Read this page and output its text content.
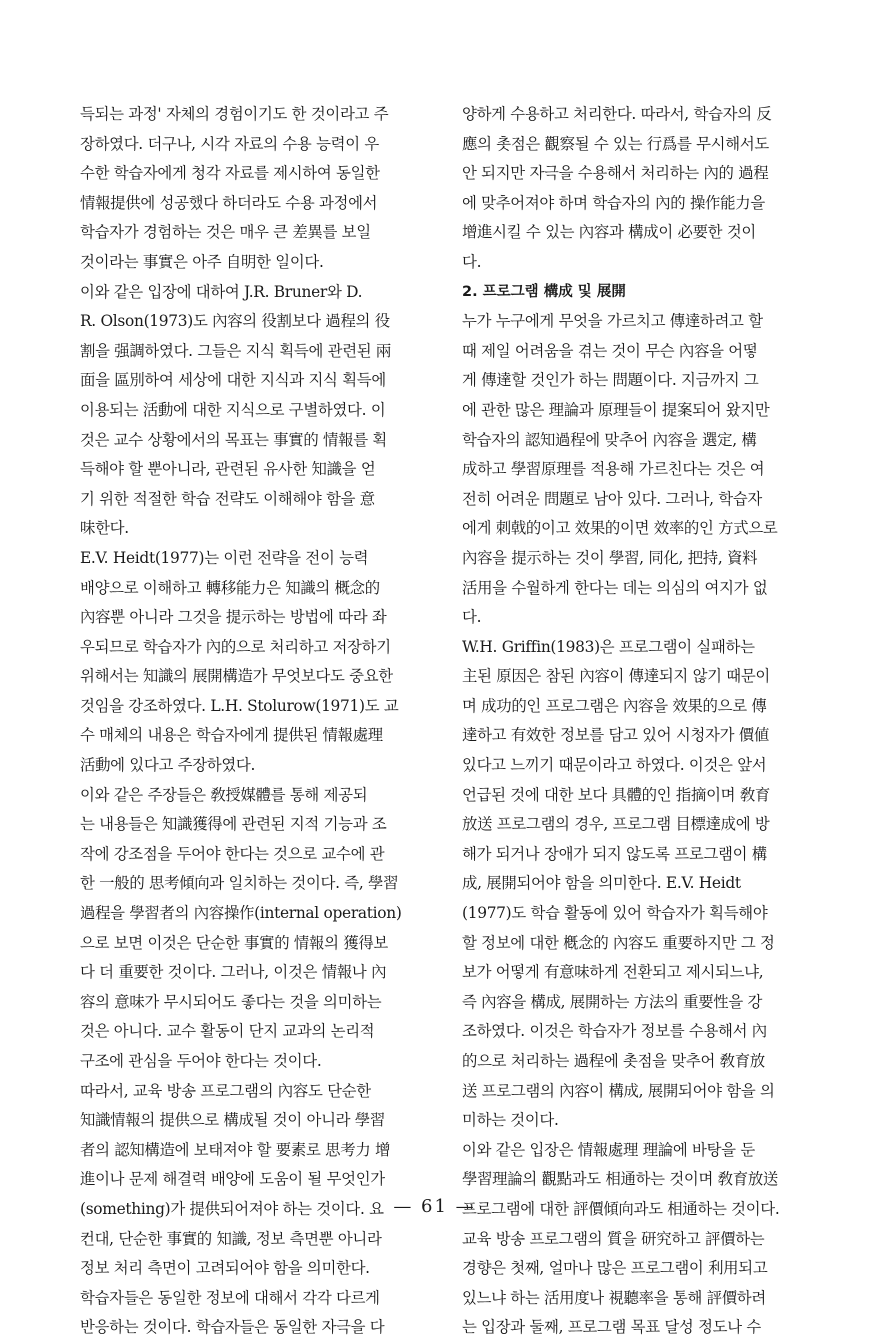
득되는 과정' 자체의 경험이기도 한 것이라고 주
장하였다. 더구나, 시각 자료의 수용 능력이 우
수한 학습자에게 청각 자료를 제시하여 동일한
情報提供에 성공했다 하더라도 수용 과정에서
학습자가 경험하는 것은 매우 큰 差異를 보일
것이라는 事實은 아주 自明한 일이다.

이와 같은 입장에 대하여 J.R. Bruner와 D.
R. Olson(1973)도 內容의 役割보다 過程의 役
割을 强調하였다. 그들은 지식 획득에 관련된 兩
面을 區別하여 세상에 대한 지식과 지식 획득에
이용되는 活動에 대한 지식으로 구별하였다. 이
것은 교수 상황에서의 목표는 事實的 情報를 획
득해야 할 뿐아니라, 관련된 유사한 知識을 얻
기 위한 적절한 학습 전략도 이해해야 함을 意
味한다.

E.V. Heidt(1977)는 이런 전략을 전이 능력
배양으로 이해하고 轉移能力은 知識의 概念的
內容뿐 아니라 그것을 提示하는 방법에 따라 좌
우되므로 학습자가 內的으로 처리하고 저장하기
위해서는 知識의 展開構造가 무엇보다도 중요한
것임을 강조하였다. L.H. Stolurow(1971)도 교
수 매체의 내용은 학습자에게 提供된 情報處理
活動에 있다고 주장하였다.

이와 같은 주장들은 敎授媒體를 통해 제공되
는 내용들은 知識獲得에 관련된 지적 기능과 조
작에 강조점을 두어야 한다는 것으로 교수에 관
한 一般的 思考傾向과 일치하는 것이다. 즉, 學習
過程을 學習者의 內容操作(internal operation)
으로 보면 이것은 단순한 事實的 情報의 獲得보
다 더 重要한 것이다. 그러나, 이것은 情報나 內
容의 意味가 무시되어도 좋다는 것을 의미하는
것은 아니다. 교수 활동이 단지 교과의 논리적
구조에 관심을 두어야 한다는 것이다.

따라서, 교육 방송 프로그램의 內容도 단순한
知識情報의 提供으로 構成될 것이 아니라 學習
者의 認知構造에 보태져야 할 要素로 思考力 增
進이나 문제 해결력 배양에 도움이 될 무엇인가
(something)가 提供되어져야 하는 것이다. 요
컨대, 단순한 事實的 知識, 정보 측면뿐 아니라
정보 처리 측면이 고려되어야 함을 의미한다.
학습자들은 동일한 정보에 대해서 각각 다르게
반응하는 것이다. 학습자들은 동일한 자극을 다

양하게 수용하고 처리한다. 따라서, 학습자의 反
應의 촛점은 觀察될 수 있는 行爲를 무시해서도
안 되지만 자극을 수용해서 처리하는 內的 過程
에 맞추어져야 하며 학습자의 內的 操作能力을
增進시킬 수 있는 內容과 構成이 必要한 것이
다.

2. 프로그램 構成 및 展開

누가 누구에게 무엇을 가르치고 傳達하려고 할
때 제일 어려움을 겪는 것이 무슨 內容을 어떻
게 傳達할 것인가 하는 問題이다. 지금까지 그
에 관한 많은 理論과 原理들이 提案되어 왔지만
학습자의 認知過程에 맞추어 內容을 選定, 構
成하고 學習原理를 적용해 가르친다는 것은 여
전히 어려운 問題로 남아 있다. 그러나, 학습자
에게 刺戟的이고 效果的이면 效率的인 方式으로
內容을 提示하는 것이 學習, 同化, 把持, 資料
活用을 수월하게 한다는 데는 의심의 여지가 없
다.

W.H. Griffin(1983)은 프로그램이 실패하는
主된 原因은 참된 內容이 傳達되지 않기 때문이
며 成功的인 프로그램은 內容을 效果的으로 傳
達하고 有效한 정보를 담고 있어 시청자가 價値
있다고 느끼기 때문이라고 하였다. 이것은 앞서
언급된 것에 대한 보다 具體的인 指摘이며 敎育
放送 프로그램의 경우, 프로그램 目標達成에 방
해가 되거나 장애가 되지 않도록 프로그램이 構
成, 展開되어야 함을 의미한다. E.V. Heidt
(1977)도 학습 활동에 있어 학습자가 획득해야
할 정보에 대한 槪念的 內容도 重要하지만 그 정
보가 어떻게 有意味하게 전환되고 제시되느냐,
즉 內容을 構成, 展開하는 方法의 重要性을 강
조하였다. 이것은 학습자가 정보를 수용해서 內
的으로 처리하는 過程에 촛점을 맞추어 敎育放
送 프로그램의 內容이 構成, 展開되어야 함을 의
미하는 것이다.

이와 같은 입장은 情報處理 理論에 바탕을 둔
學習理論의 觀點과도 相通하는 것이며 敎育放送
프로그램에 대한 評價傾向과도 相通하는 것이다.
교육 방송 프로그램의 質을 研究하고 評價하는
경향은 첫째, 얼마나 많은 프로그램이 利用되고
있느냐 하는 活用度나 視聽率을 통해 評價하려
는 입장과 둘째, 프로그램 목표 달성 정도나 수

— 61 —
